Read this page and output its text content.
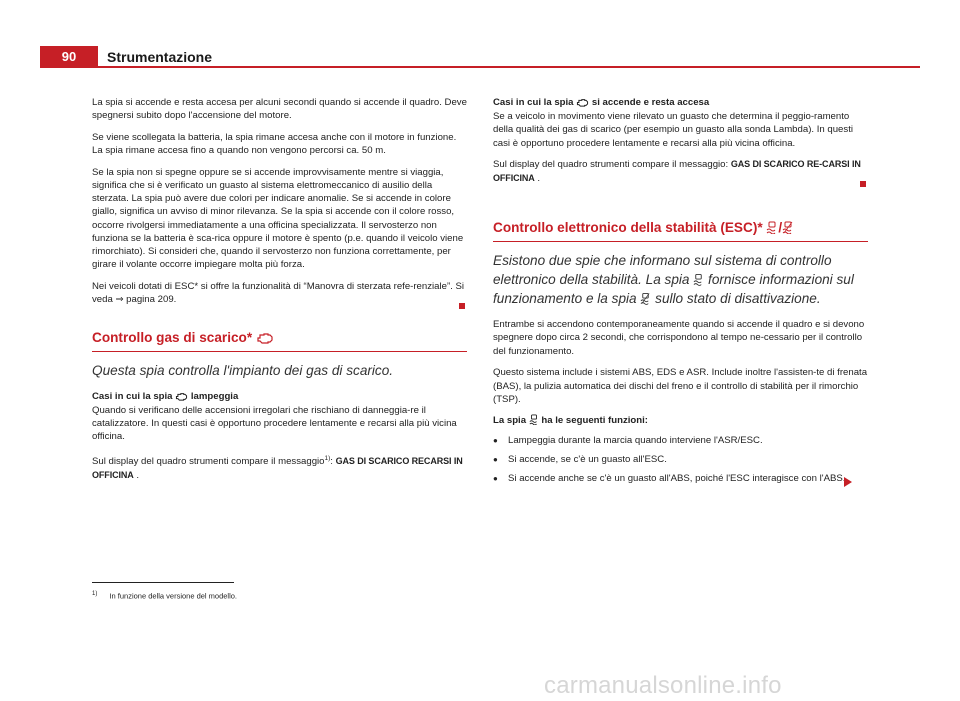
90	Strumentazione

La spia si accende e resta accesa per alcuni secondi quando si accende il quadro. Deve spegnersi subito dopo l'accensione del motore.

Se viene scollegata la batteria, la spia rimane accesa anche con il motore in funzione. La spia rimane accesa fino a quando non vengono percorsi ca. 50 m.

Se la spia non si spegne oppure se si accende improvvisamente mentre si viaggia, significa che si è verificato un guasto al sistema elettromeccanico di ausilio della sterzata. La spia può avere due colori per indicare anomalie. Se si accende in colore giallo, significa un avviso di minor rilevanza. Se la spia si accende con il colore rosso, occorre rivolgersi immediatamente a una officina specializzata. Il servosterzo non funziona se la batteria è sca-rica oppure il motore è spento (p.e. quando il veicolo viene rimorchiato). Si consideri che, quando il servosterzo non funziona correttamente, per girare il volante occorre impiegare molta più forza.

Nei veicoli dotati di ESC* si offre la funzionalità di “Manovra di sterzata refe-renziale”. Si veda ⇒ pagina 209.

Controllo gas di scarico*

Questa spia controlla l'impianto dei gas di scarico.

Casi in cui la spia lampeggia

Quando si verificano delle accensioni irregolari che rischiano di danneggia-re il catalizzatore. In questi casi è opportuno procedere lentamente e recarsi alla più vicina officina.

Sul display del quadro strumenti compare il messaggio$^{1)}$: GAS DI SCARICO RECARSI IN OFFICINA .

Casi in cui la spia si accende e resta accesa

Se a veicolo in movimento viene rilevato un guasto che determina il peggio-ramento della qualità dei gas di scarico (per esempio un guasto alla sonda Lambda). In questi casi è opportuno procedere lentamente e recarsi alla più vicina officina.

Sul display del quadro strumenti compare il messaggio: GAS DI SCARICO RE-CARSI IN OFFICINA .

Controllo elettronico della stabilità (ESC)* /

Esistono due spie che informano sul sistema di controllo elettronico della stabilità. La spia fornisce informazioni sul funzionamento e la spia sullo stato di disattivazione.

Entrambe si accendono contemporaneamente quando si accende il quadro e si devono spegnere dopo circa 2 secondi, che corrispondono al tempo ne-cessario per il controllo del funzionamento.

Questo sistema include i sistemi ABS, EDS e ASR. Include inoltre l'assisten-te di frenata (BAS), la pulizia automatica dei dischi del freno e il controllo di stabilità per il rimorchio (TSP).

La spia ha le seguenti funzioni:

● Lampeggia durante la marcia quando interviene l'ASR/ESC.
● Si accende, se c'è un guasto all'ESC.
● Si accende anche se c'è un guasto all'ABS, poiché l'ESC interagisce con l'ABS.
$^{1)}$ In funzione della versione del modello.
carmanualsonline.info
